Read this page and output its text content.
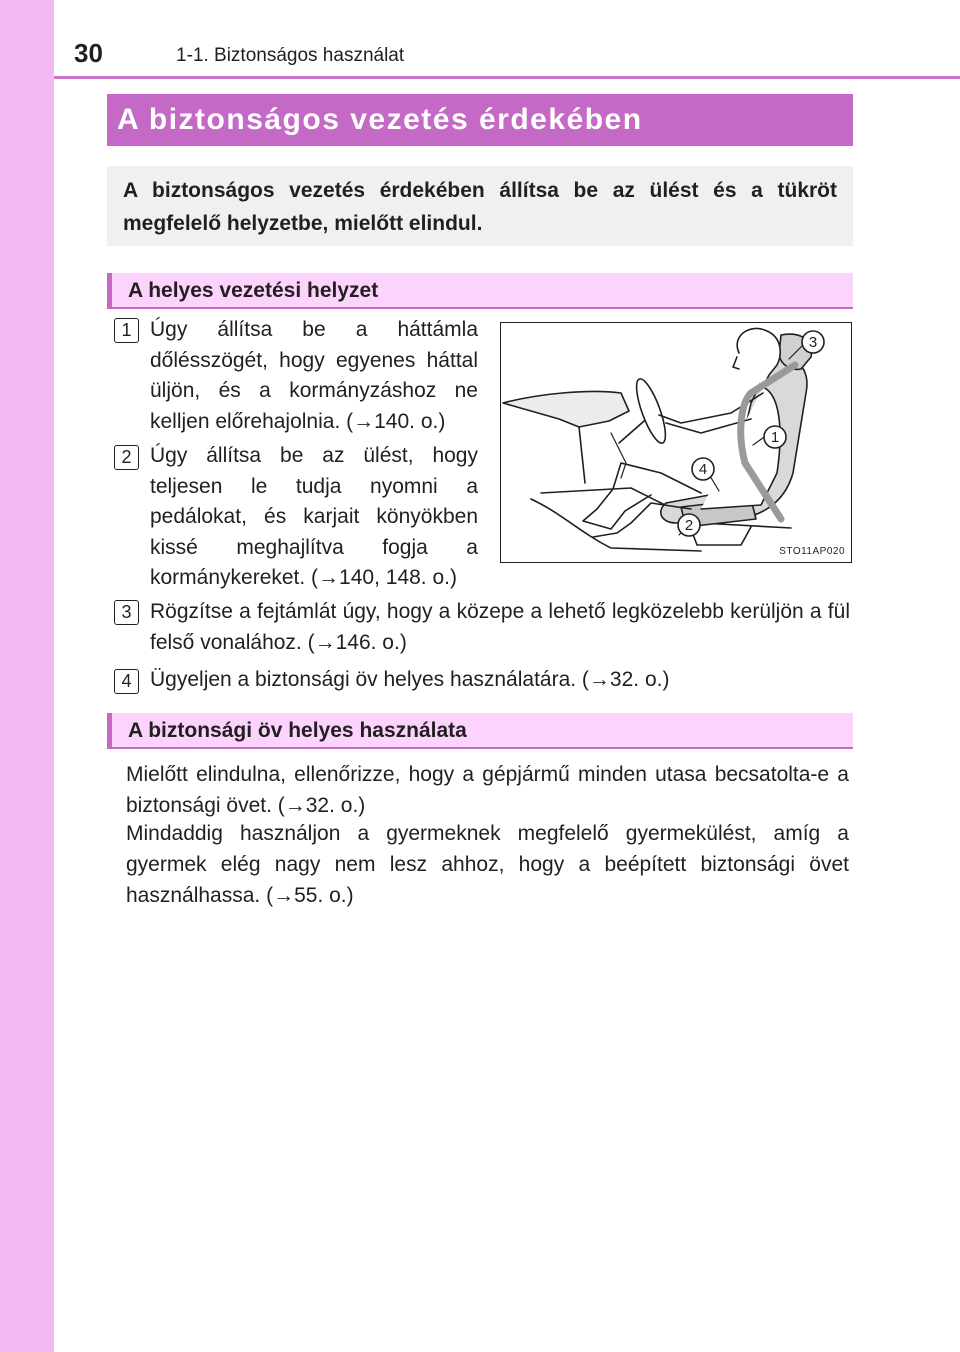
30	1-1. Biztonságos használat
A biztonságos vezetés érdekében
A biztonságos vezetés érdekében állítsa be az ülést és a tükröt megfelelő helyzetbe, mielőtt elindul.
A helyes vezetési helyzet
1 Úgy állítsa be a háttámla dőlésszögét, hogy egyenes háttal üljön, és a kormányzáshoz ne kelljen előrehajolnia. (→140. o.)
2 Úgy állítsa be az ülést, hogy teljesen le tudja nyomni a pedálokat, és karjait könyökben kissé meghajlítva fogja a kormánykereket. (→140, 148. o.)
3
1
4
2
STO11AP020
3 Rögzítse a fejtámlát úgy, hogy a közepe a lehető legközelebb kerüljön a fül felső vonalához. (→146. o.)
4 Ügyeljen a biztonsági öv helyes használatára. (→32. o.)
A biztonsági öv helyes használata
Mielőtt elindulna, ellenőrizze, hogy a gépjármű minden utasa becsatolta-e a biztonsági övet. (→32. o.)
Mindaddig használjon a gyermeknek megfelelő gyermekülést, amíg a gyermek elég nagy nem lesz ahhoz, hogy a beépített biztonsági övet használhassa. (→55. o.)
